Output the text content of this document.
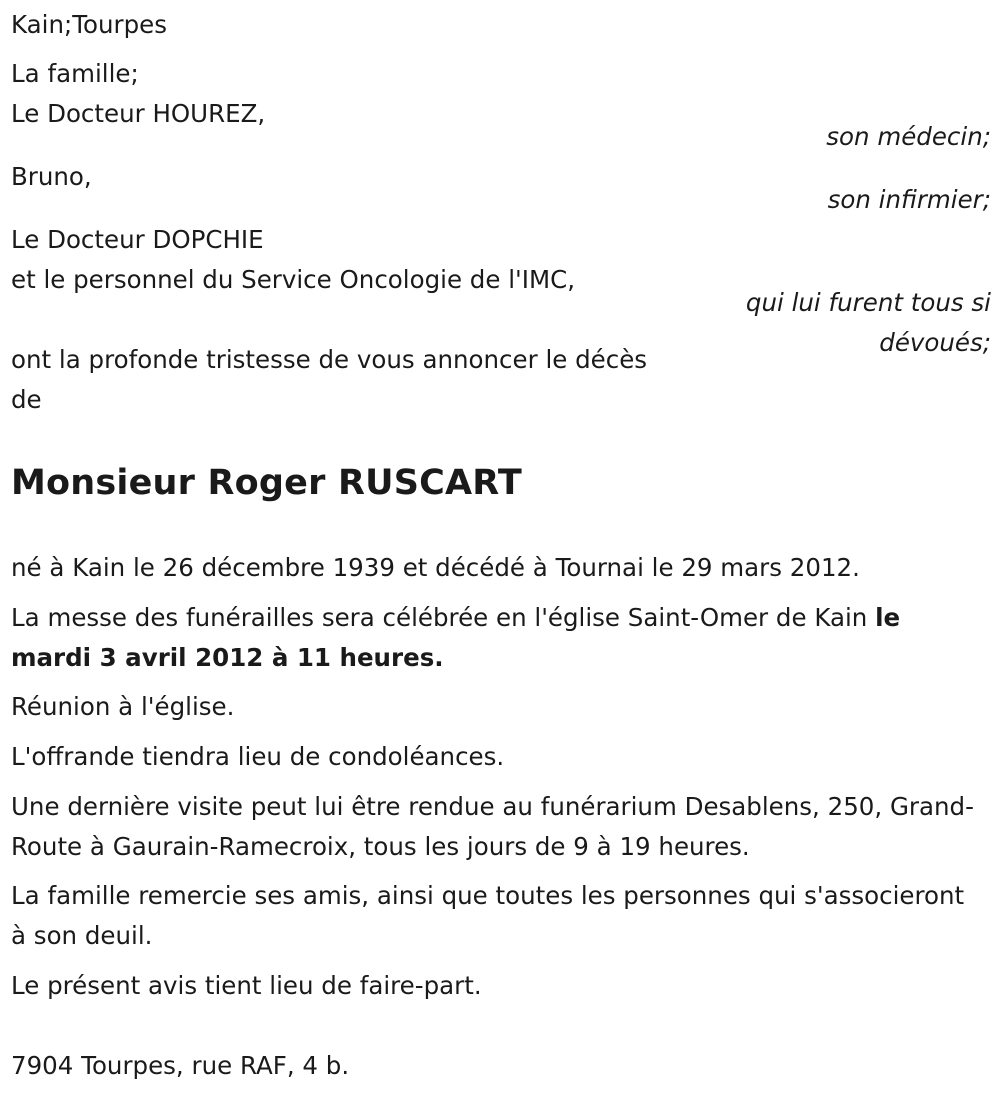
Kain;Tourpes
La famille;
Le Docteur HOUREZ,
son médecin;
Bruno,
son infirmier;
Le Docteur DOPCHIE
et le personnel du Service Oncologie de l'IMC,
qui lui furent tous si
dévoués;
ont la profonde tristesse de vous annoncer le décès
de
Monsieur Roger RUSCART
né à Kain le 26 décembre 1939 et décédé à Tournai le 29 mars 2012.
La messe des funérailles sera célébrée en l'église Saint-Omer de Kain le mardi 3 avril 2012 à 11 heures.
Réunion à l'église.
L'offrande tiendra lieu de condoléances.
Une dernière visite peut lui être rendue au funérarium Desablens, 250, Grand-Route à Gaurain-Ramecroix, tous les jours de 9 à 19 heures.
La famille remercie ses amis, ainsi que toutes les personnes qui s'associeront à son deuil.
Le présent avis tient lieu de faire-part.
7904 Tourpes, rue RAF, 4 b.
